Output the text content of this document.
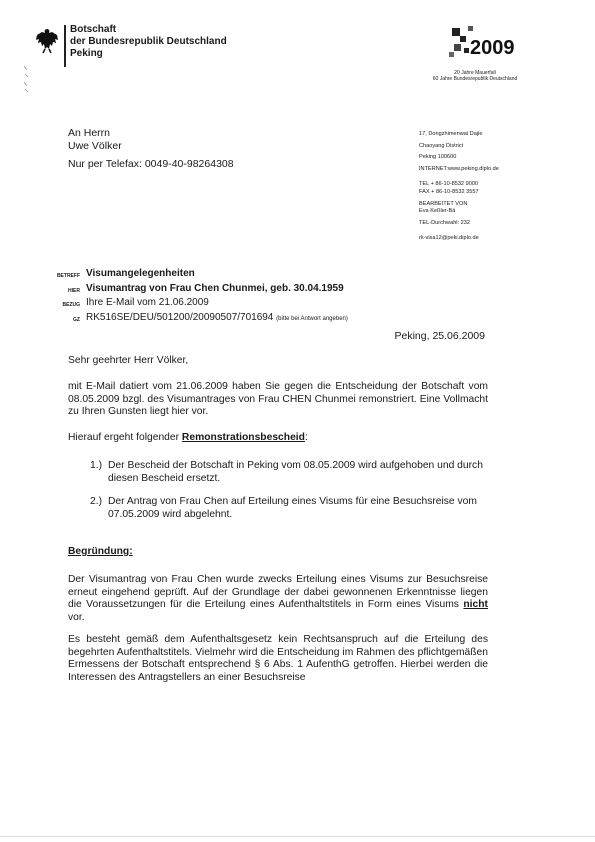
Botschaft
der Bundesrepublik Deutschland
Peking	2009
20 Jahre Mauerfall
60 Jahre Bundesrepublik Deutschland
An Herrn
Uwe Völker
Nur per Telefax: 0049-40-98264308
17, Dongzhimenwai Dajie
Chaoyang District
Peking 100600
INTERNET:www.peking.diplo.de
TEL + 86-10-8532 9000
FAX + 86-10-8532 3557
BEARBEITET VON
Eva Keßler-Bä
TEL-Durchwahl: 232
rk-visa12@peki.diplo.de
BETREFF Visumangelegenheiten
HIER Visumantrag von Frau Chen Chunmei, geb. 30.04.1959
BEZUG Ihre E-Mail vom 21.06.2009
GZ RK516SE/DEU/501200/20090507/701694 (bitte bei Antwort angeben)
Peking, 25.06.2009
Sehr geehrter Herr Völker,
mit E-Mail datiert vom 21.06.2009 haben Sie gegen die Entscheidung der Botschaft vom 08.05.2009 bzgl. des Visumantrages von Frau CHEN Chunmei remonstriert. Eine Vollmacht zu Ihren Gunsten liegt hier vor.
Hierauf ergeht folgender Remonstrationsbescheid:
1.) Der Bescheid der Botschaft in Peking vom 08.05.2009 wird aufgehoben und durch diesen Bescheid ersetzt.
2.) Der Antrag von Frau Chen auf Erteilung eines Visums für eine Besuchsreise vom 07.05.2009 wird abgelehnt.
Begründung:
Der Visumantrag von Frau Chen wurde zwecks Erteilung eines Visums zur Besuchsreise erneut eingehend geprüft. Auf der Grundlage der dabei gewonnenen Erkenntnisse liegen die Voraussetzungen für die Erteilung eines Aufenthaltstitels in Form eines Visums nicht vor.
Es besteht gemäß dem Aufenthaltsgesetz kein Rechtsanspruch auf die Erteilung des begehrten Aufenthaltstitels. Vielmehr wird die Entscheidung im Rahmen des pflichtgemäßen Ermessens der Botschaft entsprechend § 6 Abs. 1 AufenthG getroffen. Hierbei werden die Interessen des Antragstellers an einer Besuchsreise
